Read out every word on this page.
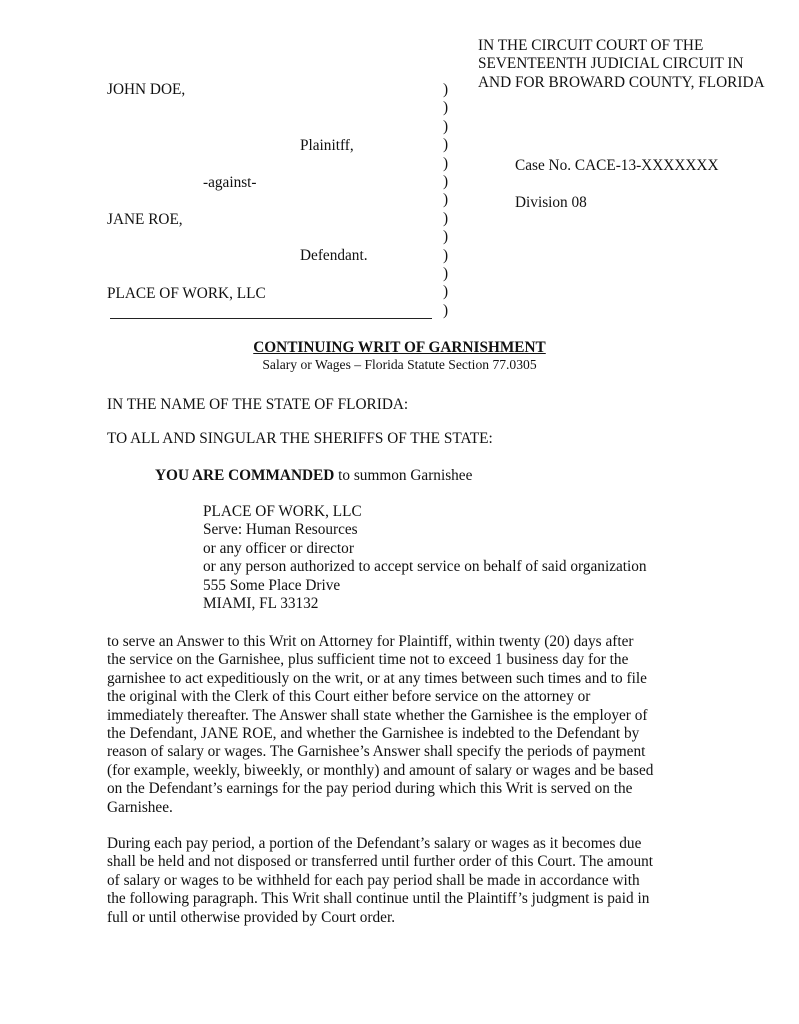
IN THE CIRCUIT COURT OF THE
SEVENTEENTH JUDICIAL CIRCUIT IN
AND FOR BROWARD COUNTY, FLORIDA
JOHN DOE,
Plainitff,
-against-
JANE ROE,
Defendant.
PLACE OF WORK, LLC
)
)
)
)
)
)
)
)
)
)
)
)
)
Case No. CACE-13-XXXXXXX
Division 08
CONTINUING WRIT OF GARNISHMENT
Salary or Wages – Florida Statute Section 77.0305
IN THE NAME OF THE STATE OF FLORIDA:
TO ALL AND SINGULAR THE SHERIFFS OF THE STATE:
YOU ARE COMMANDED to summon Garnishee
PLACE OF WORK, LLC
Serve: Human Resources
or any officer or director
or any person authorized to accept service on behalf of said organization
555 Some Place Drive
MIAMI, FL 33132
to serve an Answer to this Writ on Attorney for Plaintiff, within twenty (20) days after
the service on the Garnishee, plus sufficient time not to exceed 1 business day for the
garnishee to act expeditiously on the writ, or at any times between such times and to file
the original with the Clerk of this Court either before service on the attorney or
immediately thereafter. The Answer shall state whether the Garnishee is the employer of
the Defendant, JANE ROE, and whether the Garnishee is indebted to the Defendant by
reason of salary or wages. The Garnishee’s Answer shall specify the periods of payment
(for example, weekly, biweekly, or monthly) and amount of salary or wages and be based
on the Defendant’s earnings for the pay period during which this Writ is served on the
Garnishee.
During each pay period, a portion of the Defendant’s salary or wages as it becomes due
shall be held and not disposed or transferred until further order of this Court. The amount
of salary or wages to be withheld for each pay period shall be made in accordance with
the following paragraph. This Writ shall continue until the Plaintiff’s judgment is paid in
full or until otherwise provided by Court order.
